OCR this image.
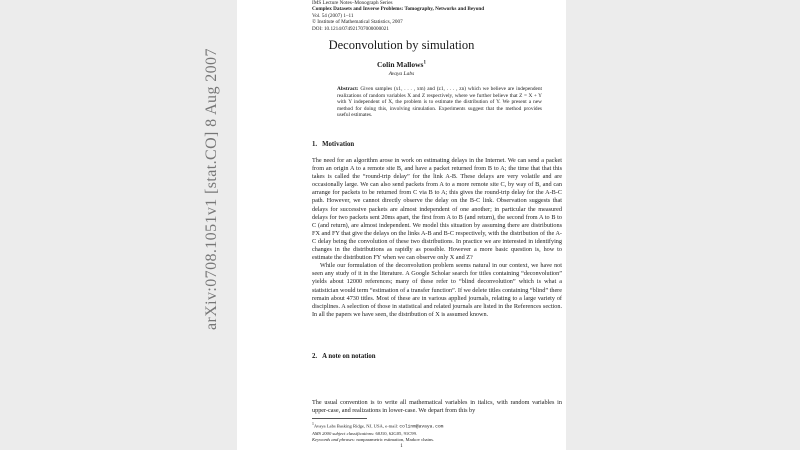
arXiv:0708.1051v1 [stat.CO] 8 Aug 2007
IMS Lecture Notes–Monograph Series
Complex Datasets and Inverse Problems: Tomography, Networks and Beyond
Vol. 54 (2007) 1–11
© Institute of Mathematical Statistics, 2007
DOI: 10.1214/074921707000000021
Deconvolution by simulation
Colin Mallows$^1$
Avaya Labs
Abstract: Given samples (x1, . . . , xm) and (z1, . . . , zn) which we believe are independent realizations of random variables X and Z respectively, where we further believe that Z = X + Y with Y independent of X, the problem is to estimate the distribution of Y. We present a new method for doing this, involving simulation. Experiments suggest that the method provides useful estimates.
1. Motivation

The need for an algorithm arose in work on estimating delays in the Internet. We can send a packet from an origin A to a remote site B, and have a packet returned from B to A; the time that that this takes is called the “round-trip delay” for the link A-B. These delays are very volatile and are occasionally large. We can also send packets from A to a more remote site C, by way of B, and can arrange for packets to be returned from C via B to A; this gives the round-trip delay for the A-B-C path. However, we cannot directly observe the delay on the B-C link. Observation suggests that delays for successive packets are almost independent of one another; in particular the measured delays for two packets sent 20ms apart, the first from A to B (and return), the second from A to B to C (and return), are almost independent. We model this situation by assuming there are distributions FX and FY that give the delays on the links A-B and B-C respectively, with the distribution of the A-C delay being the convolution of these two distributions. In practice we are interested in identifying changes in the distributions as rapidly as possible. However a more basic question is, how to estimate the distribution FY when we can observe only X and Z?

While our formulation of the deconvolution problem seems natural in our context, we have not seen any study of it in the literature. A Google Scholar search for titles containing “deconvolution” yields about 12000 references; many of these refer to “blind deconvolution” which is what a statistician would term “estimation of a transfer function”. If we delete titles containing “blind” there remain about 4730 titles. Most of these are in various applied journals, relating to a large variety of disciplines. A selection of those in statistical and related journals are listed in the References section. In all the papers we have seen, the distribution of X is assumed known.

2. A note on notation

The usual convention is to write all mathematical variables in italics, with random variables in upper-case, and realizations in lower-case. We depart from this by

$^1$Avaya Labs Basking Ridge, NJ, USA, e-mail: colinm@avaya.com
AMS 2000 subject classifications: 60J10, 62G05, 91C99.
Keywords and phrases: nonparametric estimation, Markov chains.
1
